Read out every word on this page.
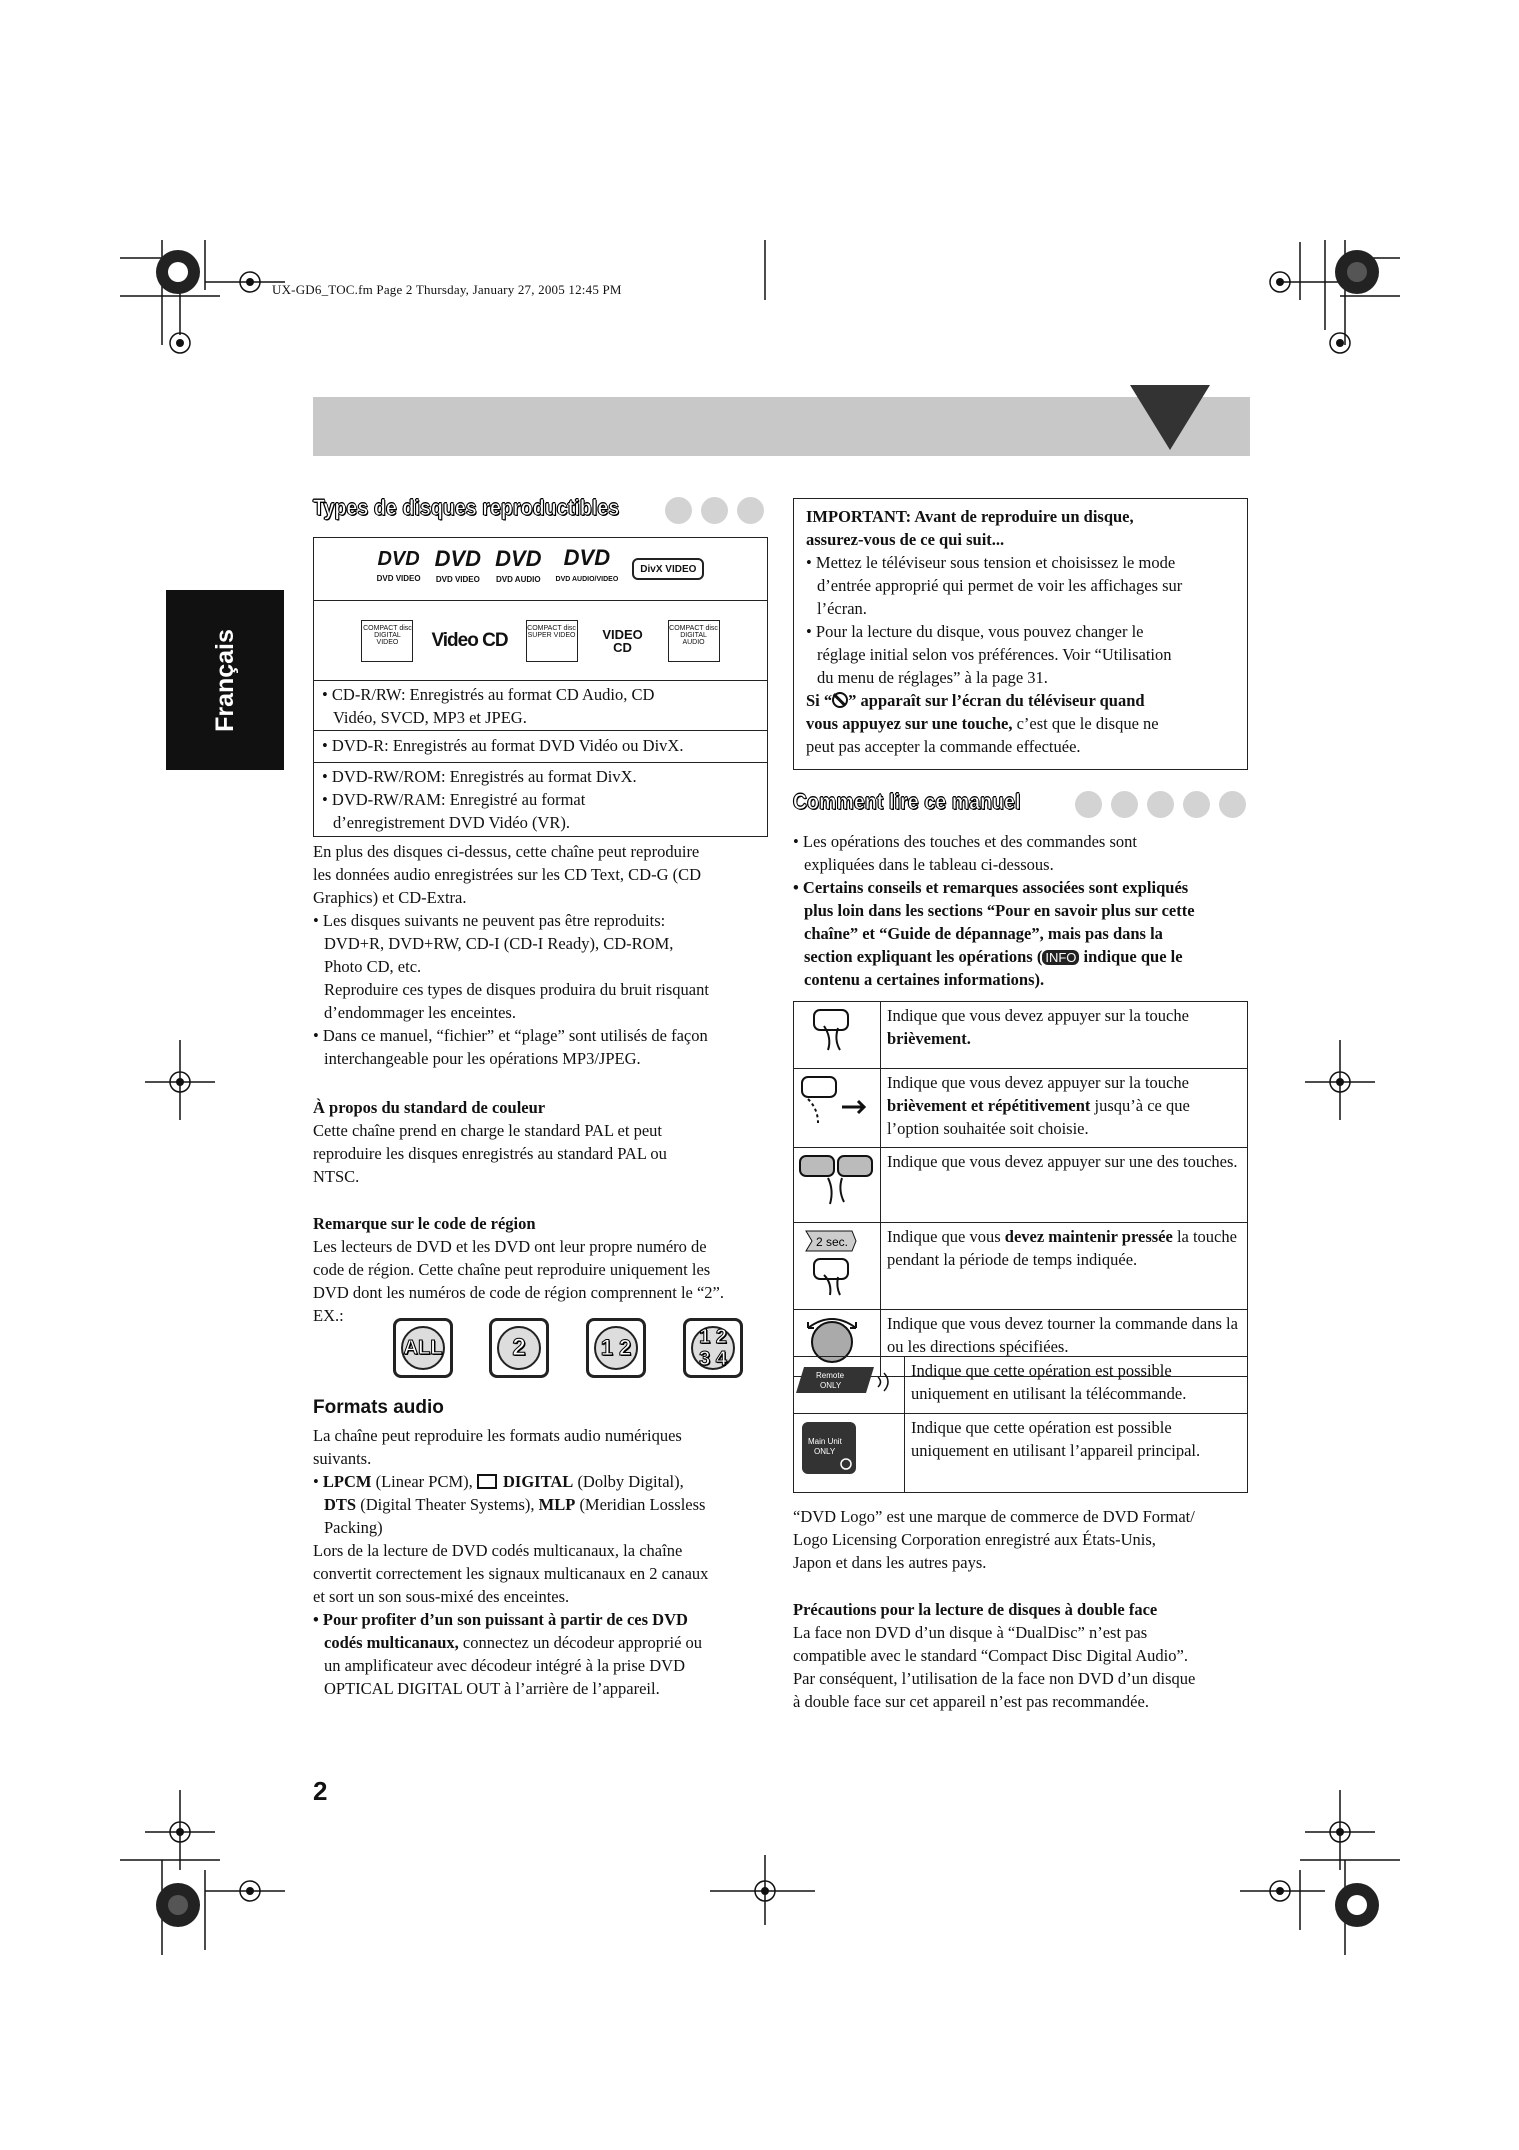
UX-GD6_TOC.fm Page 2 Thursday, January 27, 2005 12:45 PM
Français
Types de disques reproductibles
DVD
DVD VIDEO
DVD
DVD VIDEO
DVD
DVD AUDIO
DVD
DVD AUDIO/VIDEO
DivX VIDEO
COMPACT disc DIGITAL VIDEO	Video CD
COMPACT disc SUPER VIDEO	VIDEO CD
COMPACT disc DIGITAL AUDIO

• CD-R/RW: Enregistrés au format CD Audio, CD

Vidéo, SVCD, MP3 et JPEG.

• DVD-R: Enregistrés au format DVD Vidéo ou DivX.

• DVD-RW/ROM: Enregistrés au format DivX.

• DVD-RW/RAM: Enregistré au format

d’enregistrement DVD Vidéo (VR).

En plus des disques ci-dessus, cette chaîne peut reproduire

les données audio enregistrées sur les CD Text, CD-G (CD

Graphics) et CD-Extra.

• Les disques suivants ne peuvent pas être reproduits:

DVD+R, DVD+RW, CD-I (CD-I Ready), CD-ROM,

Photo CD, etc.

Reproduire ces types de disques produira du bruit risquant

d’endommager les enceintes.

• Dans ce manuel, “fichier” et “plage” sont utilisés de façon

interchangeable pour les opérations MP3/JPEG.

À propos du standard de couleur

Cette chaîne prend en charge le standard PAL et peut

reproduire les disques enregistrés au standard PAL ou

NTSC.

Remarque sur le code de région

Les lecteurs de DVD et les DVD ont leur propre numéro de

code de région. Cette chaîne peut reproduire uniquement les

DVD dont les numéros de code de région comprennent le “2”.

EX.:

ALL	2	1 2	1 2 3 4
Formats audio

La chaîne peut reproduire les formats audio numériques

suivants.

• LPCM (Linear PCM),  DIGITAL (Dolby Digital),

DTS (Digital Theater Systems), MLP (Meridian Lossless

Packing)

Lors de la lecture de DVD codés multicanaux, la chaîne

convertit correctement les signaux multicanaux en 2 canaux

et sort un son sous-mixé des enceintes.

• Pour profiter d’un son puissant à partir de ces DVD

codés multicanaux, connectez un décodeur approprié ou

un amplificateur avec décodeur intégré à la prise DVD

OPTICAL DIGITAL OUT à l’arrière de l’appareil.

IMPORTANT: Avant de reproduire un disque,

assurez-vous de ce qui suit...

• Mettez le téléviseur sous tension et choisissez le mode

d’entrée approprié qui permet de voir les affichages sur

l’écran.

• Pour la lecture du disque, vous pouvez changer le

réglage initial selon vos préférences. Voir “Utilisation

du menu de réglages” à la page 31.

Si “ ” apparaît sur l’écran du téléviseur quand

vous appuyez sur une touche, c’est que le disque ne

peut pas accepter la commande effectuée.

Comment lire ce manuel

• Les opérations des touches et des commandes sont

expliquées dans le tableau ci-dessous.

• Certains conseils et remarques associées sont expliqués

plus loin dans les sections “Pour en savoir plus sur cette

chaîne” et “Guide de dépannage”, mais pas dans la

section expliquant les opérations ( INFO indique que le

contenu a certaines informations).

	Indique que vous devez appuyer sur la touche
brièvement.
	Indique que vous devez appuyer sur la touche
brièvement et répétitivement jusqu’à ce que l’option souhaitée soit choisie.
	Indique que vous devez appuyer sur une des touches.

2 sec.	Indique que vous devez maintenir pressée la touche pendant la période de temps indiquée.
	Indique que vous devez tourner la commande dans la ou les directions spécifiées.
Remote
ONLY	Indique que cette opération est possible uniquement en utilisant la télécommande.

Main Unit
ONLY	Indique que cette opération est possible uniquement en utilisant l’appareil principal.

“DVD Logo” est une marque de commerce de DVD Format/

Logo Licensing Corporation enregistré aux États-Unis,

Japon et dans les autres pays.

Précautions pour la lecture de disques à double face

La face non DVD d’un disque à “DualDisc” n’est pas

compatible avec le standard “Compact Disc Digital Audio”.

Par conséquent, l’utilisation de la face non DVD d’un disque

à double face sur cet appareil n’est pas recommandée.

2
